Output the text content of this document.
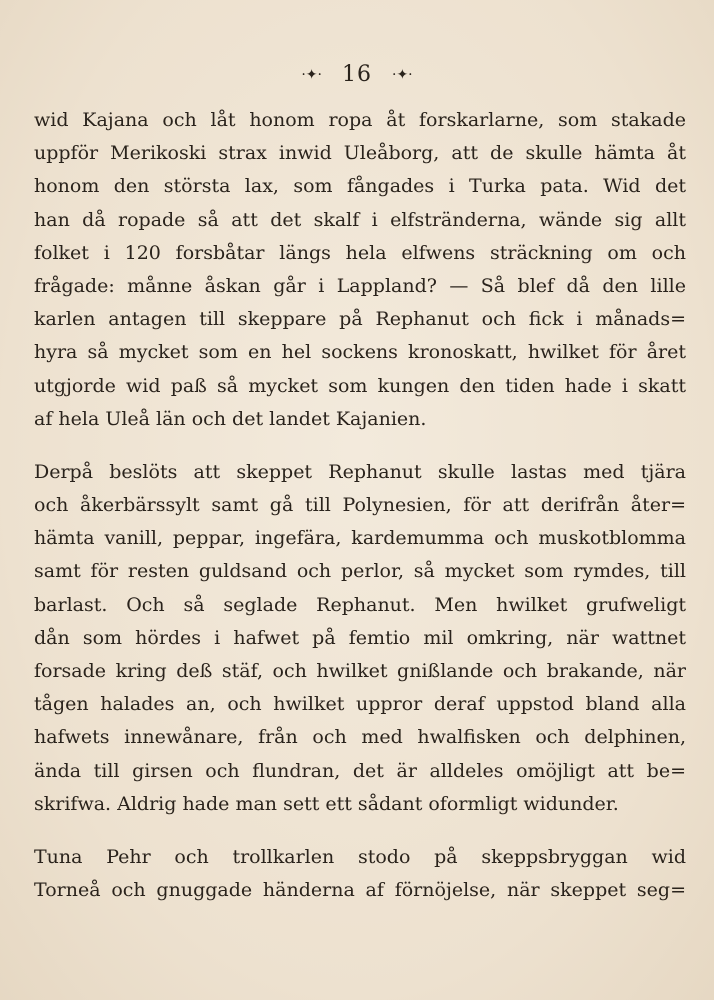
·✦· 16 ·✦·
wid Kajana och låt honom ropa åt forskarlarne, som stakade
uppför Merikoski strax inwid Uleåborg, att de skulle hämta åt
honom den största lax, som fångades i Turka pata. Wid det
han då ropade så att det skalf i elfstränderna, wände sig allt
folket i 120 forsbåtar längs hela elfwens sträckning om och
frågade: månne åskan går i Lappland? — Så blef då den lille
karlen antagen till skeppare på Rephanut och fick i månads=
hyra så mycket som en hel sockens kronoskatt, hwilket för året
utgjorde wid paß så mycket som kungen den tiden hade i skatt
af hela Uleå län och det landet Kajanien.
Derpå beslöts att skeppet Rephanut skulle lastas med tjära
och åkerbärssylt samt gå till Polynesien, för att derifrån åter=
hämta vanill, peppar, ingefära, kardemumma och muskotblomma
samt för resten guldsand och perlor, så mycket som rymdes, till
barlast. Och så seglade Rephanut. Men hwilket grufweligt
dån som hördes i hafwet på femtio mil omkring, när wattnet
forsade kring deß stäf, och hwilket gnißlande och brakande, när
tågen halades an, och hwilket uppror deraf uppstod bland alla
hafwets innewånare, från och med hwalfisken och delphinen,
ända till girsen och flundran, det är alldeles omöjligt att be=
skrifwa. Aldrig hade man sett ett sådant oformligt widunder.
Tuna Pehr och trollkarlen stodo på skeppsbryggan wid
Torneå och gnuggade händerna af förnöjelse, när skeppet seg=
